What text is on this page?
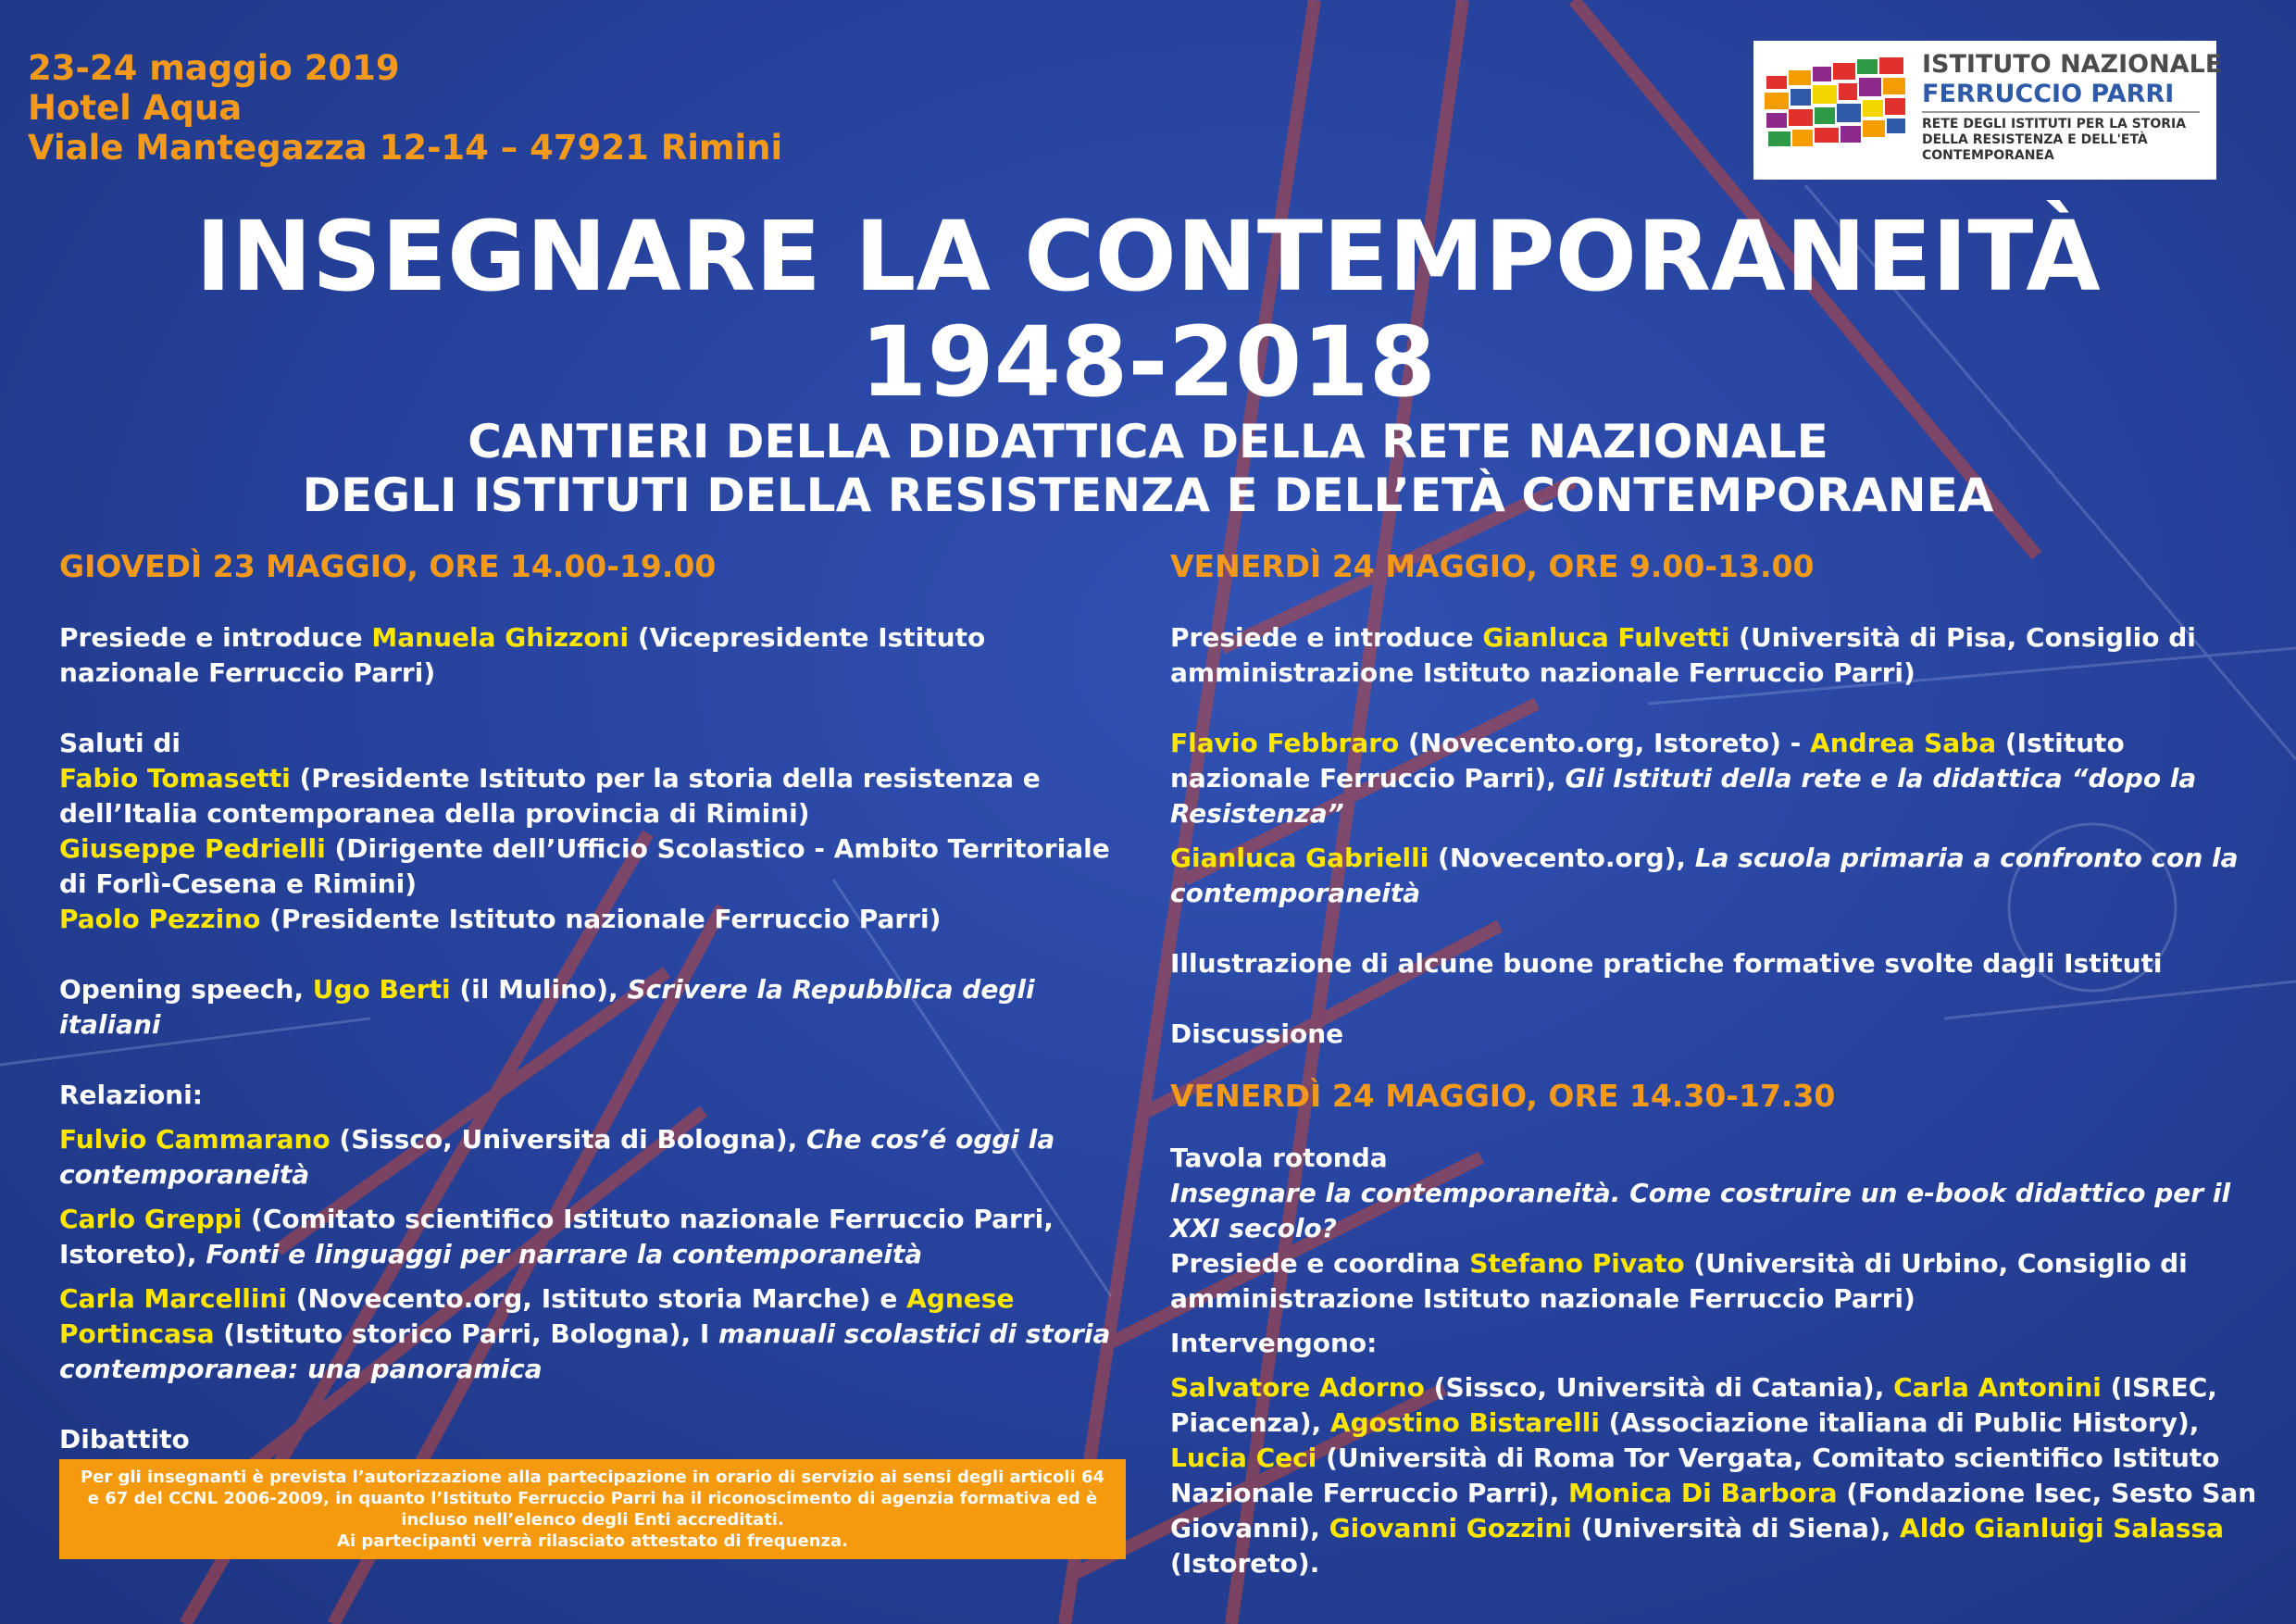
23-24 maggio 2019
Hotel Aqua
Viale Mantegazza 12-14 – 47921 Rimini
ISTITUTO NAZIONALE
FERRUCCIO PARRI
RETE DEGLI ISTITUTI PER LA STORIA DELLA RESISTENZA E DELL'ETÀ CONTEMPORANEA
INSEGNARE LA CONTEMPORANEITÀ
1948-2018
CANTIERI DELLA DIDATTICA DELLA RETE NAZIONALE
DEGLI ISTITUTI DELLA RESISTENZA E DELL’ETÀ CONTEMPORANEA
GIOVEDÌ 23 MAGGIO, ORE 14.00-19.00
Presiede e introduce Manuela Ghizzoni (Vicepresidente Istituto nazionale Ferruccio Parri)
Saluti di
Fabio Tomasetti (Presidente Istituto per la storia della resistenza e dell’Italia contemporanea della provincia di Rimini)
Giuseppe Pedrielli (Dirigente dell’Ufficio Scolastico - Ambito Territoriale di Forlì-Cesena e Rimini)
Paolo Pezzino (Presidente Istituto nazionale Ferruccio Parri)
Opening speech, Ugo Berti (il Mulino), Scrivere la Repubblica degli italiani
Relazioni:
Fulvio Cammarano (Sissco, Universita di Bologna), Che cos’é oggi la contemporaneità
Carlo Greppi (Comitato scientifico Istituto nazionale Ferruccio Parri, Istoreto), Fonti e linguaggi per narrare la contemporaneità
Carla Marcellini (Novecento.org, Istituto storia Marche) e Agnese Portincasa (Istituto storico Parri, Bologna), I manuali scolastici di storia contemporanea: una panoramica
Dibattito
VENERDÌ 24 MAGGIO, ORE 9.00-13.00
Presiede e introduce Gianluca Fulvetti (Università di Pisa, Consiglio di amministrazione Istituto nazionale Ferruccio Parri)
Flavio Febbraro (Novecento.org, Istoreto) - Andrea Saba (Istituto nazionale Ferruccio Parri), Gli Istituti della rete e la didattica “dopo la Resistenza”
Gianluca Gabrielli (Novecento.org), La scuola primaria a confronto con la contemporaneità
Illustrazione di alcune buone pratiche formative svolte dagli Istituti
Discussione
VENERDÌ 24 MAGGIO, ORE 14.30-17.30
Tavola rotonda
Insegnare la contemporaneità. Come costruire un e-book didattico per il XXI secolo?
Presiede e coordina Stefano Pivato (Università di Urbino, Consiglio di amministrazione Istituto nazionale Ferruccio Parri)
Intervengono:
Salvatore Adorno (Sissco, Università di Catania), Carla Antonini (ISREC, Piacenza), Agostino Bistarelli (Associazione italiana di Public History), Lucia Ceci (Università di Roma Tor Vergata, Comitato scientifico Istituto Nazionale Ferruccio Parri), Monica Di Barbora (Fondazione Isec, Sesto San Giovanni), Giovanni Gozzini (Università di Siena), Aldo Gianluigi Salassa (Istoreto).
Per gli insegnanti è prevista l’autorizzazione alla partecipazione in orario di servizio ai sensi degli articoli 64 e 67 del CCNL 2006-2009, in quanto l’Istituto Ferruccio Parri ha il riconoscimento di agenzia formativa ed è incluso nell’elenco degli Enti accreditati.
Ai partecipanti verrà rilasciato attestato di frequenza.
